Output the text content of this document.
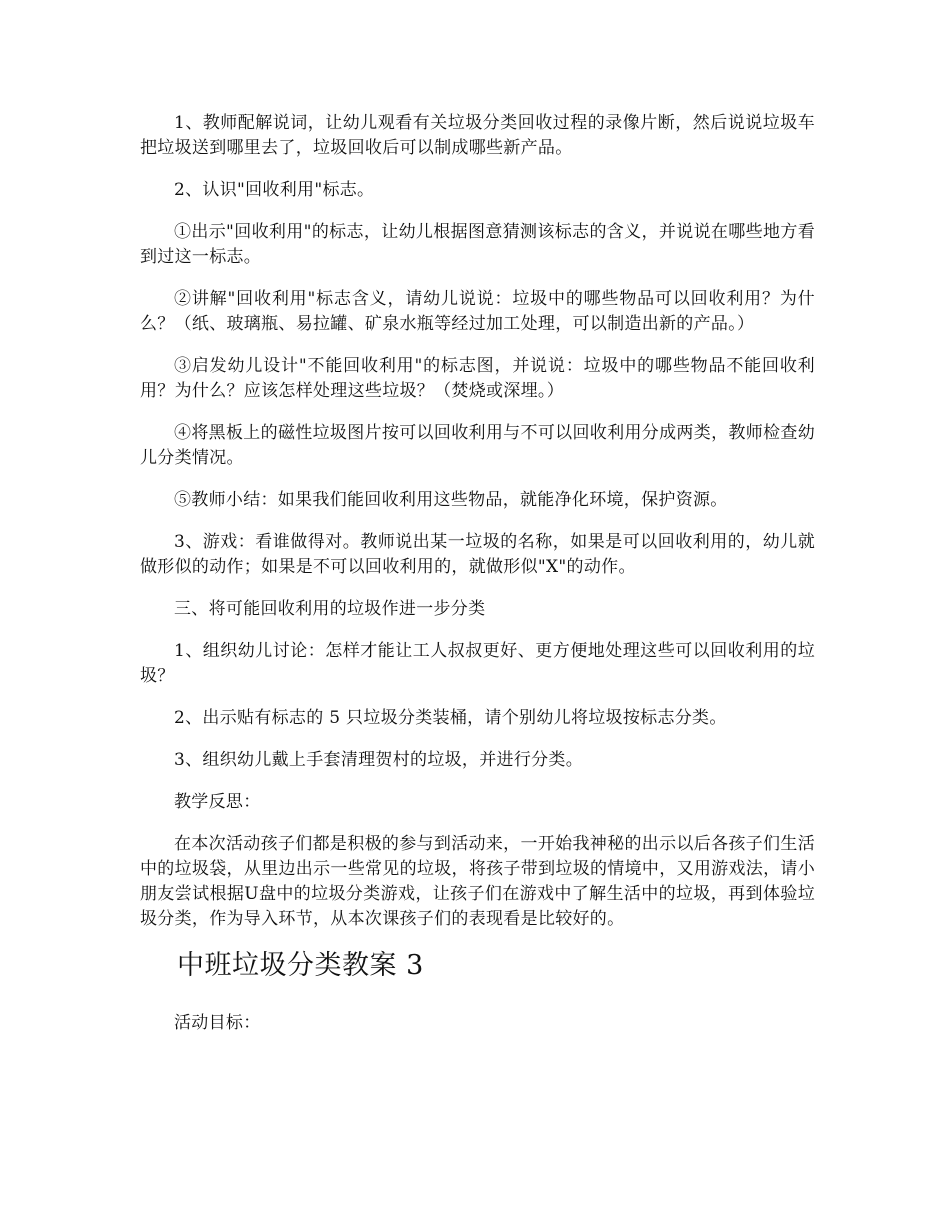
1、教师配解说词，让幼儿观看有关垃圾分类回收过程的录像片断，然后说说垃圾车把垃圾送到哪里去了，垃圾回收后可以制成哪些新产品。

2、认识"回收利用"标志。

①出示"回收利用"的标志，让幼儿根据图意猜测该标志的含义，并说说在哪些地方看到过这一标志。

②讲解"回收利用"标志含义，请幼儿说说：垃圾中的哪些物品可以回收利用？为什么？（纸、玻璃瓶、易拉罐、矿泉水瓶等经过加工处理，可以制造出新的产品。）

③启发幼儿设计"不能回收利用"的标志图，并说说：垃圾中的哪些物品不能回收利用？为什么？应该怎样处理这些垃圾？（焚烧或深埋。）

④将黑板上的磁性垃圾图片按可以回收利用与不可以回收利用分成两类，教师检查幼儿分类情况。

⑤教师小结：如果我们能回收利用这些物品，就能净化环境，保护资源。

3、游戏：看谁做得对。教师说出某一垃圾的名称，如果是可以回收利用的，幼儿就做形似的动作；如果是不可以回收利用的，就做形似"X"的动作。

三、将可能回收利用的垃圾作进一步分类

1、组织幼儿讨论：怎样才能让工人叔叔更好、更方便地处理这些可以回收利用的垃圾？

2、出示贴有标志的 5 只垃圾分类装桶，请个别幼儿将垃圾按标志分类。

3、组织幼儿戴上手套清理贺村的垃圾，并进行分类。

教学反思：

在本次活动孩子们都是积极的参与到活动来，一开始我神秘的出示以后各孩子们生活中的垃圾袋，从里边出示一些常见的垃圾，将孩子带到垃圾的情境中，又用游戏法，请小朋友尝试根据U盘中的垃圾分类游戏，让孩子们在游戏中了解生活中的垃圾，再到体验垃圾分类，作为导入环节，从本次课孩子们的表现看是比较好的。

中班垃圾分类教案 3

活动目标：
